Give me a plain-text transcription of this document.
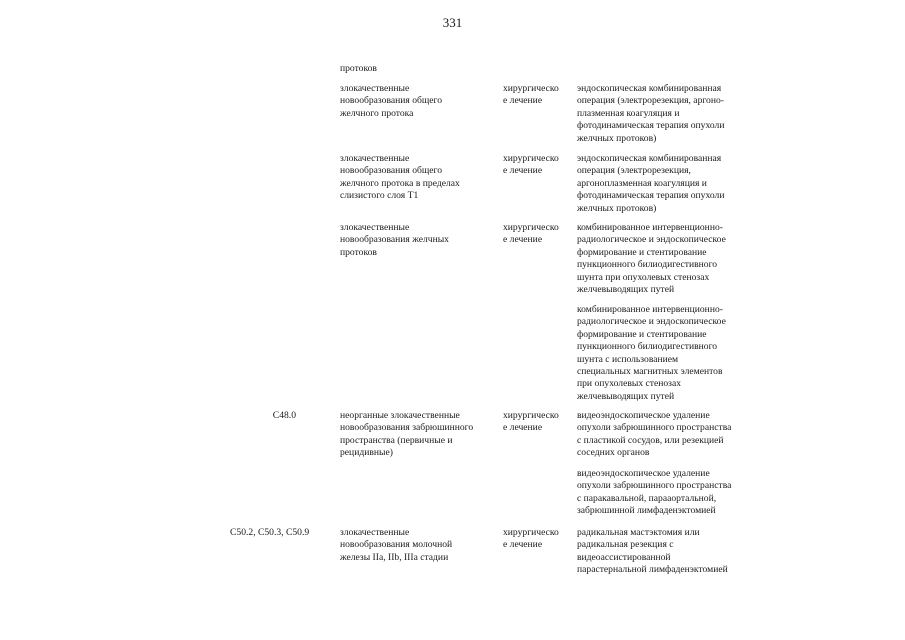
331
протоков
злокачественные
новообразования общего
желчного протока
хирургическо
е лечение
эндоскопическая комбинированная
операция (электрорезекция, аргоно-
плазменная коагуляция и
фотодинамическая терапия опухоли
желчных протоков)
злокачественные
новообразования общего
желчного протока в пределах
слизистого слоя T1
хирургическо
е лечение
эндоскопическая комбинированная
операция (электрорезекция,
аргоноплазменная коагуляция и
фотодинамическая терапия опухоли
желчных протоков)
злокачественные
новообразования желчных
протоков
хирургическо
е лечение
комбинированное интервенционно-
радиологическое и эндоскопическое
формирование и стентирование
пункционного билиодигестивного
шунта при опухолевых стенозах
желчевыводящих путей
комбинированное интервенционно-
радиологическое и эндоскопическое
формирование и стентирование
пункционного билиодигестивного
шунта с использованием
специальных магнитных элементов
при опухолевых стенозах
желчевыводящих путей
C48.0	неорганные злокачественные
новообразования забрюшинного
пространства (первичные и
рецидивные)
хирургическо
е лечение
видеоэндоскопическое удаление
опухоли забрюшинного пространства
с пластикой сосудов, или резекцией
соседних органов
видеоэндоскопическое удаление
опухоли забрюшинного пространства
с паракавальной, парааортальной,
забрюшинной лимфаденэктомией
C50.2, C50.3, C50.9	злокачественные
новообразования молочной
железы IIa, IIb, IIIa стадии
хирургическо
е лечение
радикальная мастэктомия или
радикальная резекция с
видеоассистированной
парастернальной лимфаденэктомией
